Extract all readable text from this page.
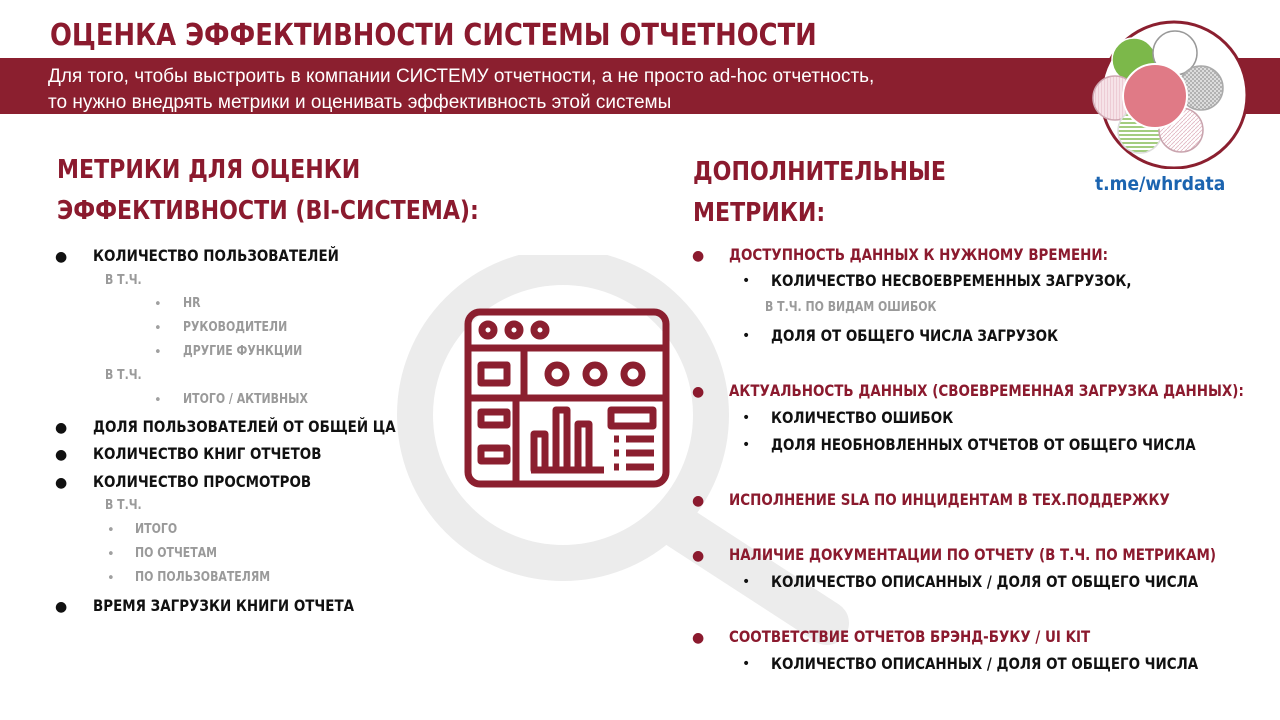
ОЦЕНКА ЭФФЕКТИВНОСТИ СИСТЕМЫ ОТЧЕТНОСТИ
Для того, чтобы выстроить в компании СИСТЕМУ отчетности, а не просто ad-hoc отчетность,
то нужно внедрять метрики и оценивать эффективность этой системы
t.me/whrdata
МЕТРИКИ ДЛЯ ОЦЕНКИ
ЭФФЕКТИВНОСТИ (BI-СИСТЕМА):
● КОЛИЧЕСТВО ПОЛЬЗОВАТЕЛЕЙ
В Т.Ч.
• HR
• РУКОВОДИТЕЛИ
• ДРУГИЕ ФУНКЦИИ
В Т.Ч.
• ИТОГО / АКТИВНЫХ
● ДОЛЯ ПОЛЬЗОВАТЕЛЕЙ ОТ ОБЩЕЙ ЦА
● КОЛИЧЕСТВО КНИГ ОТЧЕТОВ
● КОЛИЧЕСТВО ПРОСМОТРОВ
В Т.Ч.
• ИТОГО
• ПО ОТЧЕТАМ
• ПО ПОЛЬЗОВАТЕЛЯМ
● ВРЕМЯ ЗАГРУЗКИ КНИГИ ОТЧЕТА
ДОПОЛНИТЕЛЬНЫЕ
МЕТРИКИ:
● ДОСТУПНОСТЬ ДАННЫХ К НУЖНОМУ ВРЕМЕНИ:
• КОЛИЧЕСТВО НЕСВОЕВРЕМЕННЫХ ЗАГРУЗОК,
В Т.Ч. ПО ВИДАМ ОШИБОК
• ДОЛЯ ОТ ОБЩЕГО ЧИСЛА ЗАГРУЗОК
● АКТУАЛЬНОСТЬ ДАННЫХ (СВОЕВРЕМЕННАЯ ЗАГРУЗКА ДАННЫХ):
• КОЛИЧЕСТВО ОШИБОК
• ДОЛЯ НЕОБНОВЛЕННЫХ ОТЧЕТОВ ОТ ОБЩЕГО ЧИСЛА
● ИСПОЛНЕНИЕ SLA ПО ИНЦИДЕНТАМ В ТЕХ.ПОДДЕРЖКУ
● НАЛИЧИЕ ДОКУМЕНТАЦИИ ПО ОТЧЕТУ (В Т.Ч. ПО МЕТРИКАМ)
• КОЛИЧЕСТВО ОПИСАННЫХ / ДОЛЯ ОТ ОБЩЕГО ЧИСЛА
● СООТВЕТСТВИЕ ОТЧЕТОВ БРЭНД-БУКУ / UI KIT
• КОЛИЧЕСТВО ОПИСАННЫХ / ДОЛЯ ОТ ОБЩЕГО ЧИСЛА
